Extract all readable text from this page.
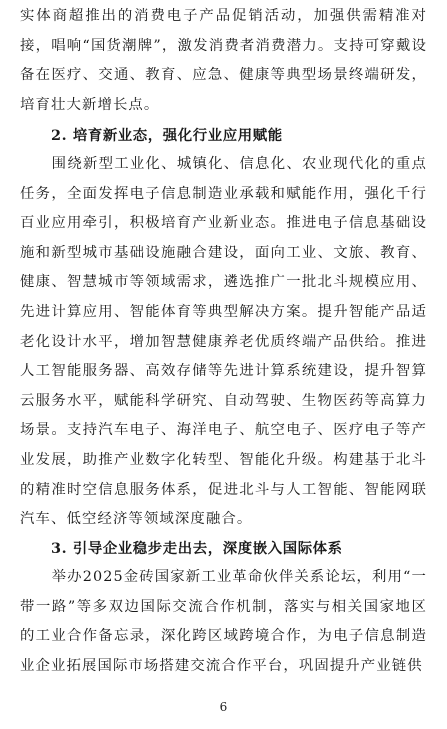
实体商超推出的消费电子产品促销活动，加强供需精准对接，唱响“国货潮牌”，激发消费者消费潜力。支持可穿戴设备在医疗、交通、教育、应急、健康等典型场景终端研发，培育壮大新增长点。

2. 培育新业态，强化行业应用赋能

围绕新型工业化、城镇化、信息化、农业现代化的重点任务，全面发挥电子信息制造业承载和赋能作用，强化千行百业应用牵引，积极培育产业新业态。推进电子信息基础设施和新型城市基础设施融合建设，面向工业、文旅、教育、健康、智慧城市等领域需求，遴选推广一批北斗规模应用、先进计算应用、智能体育等典型解决方案。提升智能产品适老化设计水平，增加智慧健康养老优质终端产品供给。推进人工智能服务器、高效存储等先进计算系统建设，提升智算云服务水平，赋能科学研究、自动驾驶、生物医药等高算力场景。支持汽车电子、海洋电子、航空电子、医疗电子等产业发展，助推产业数字化转型、智能化升级。构建基于北斗的精准时空信息服务体系，促进北斗与人工智能、智能网联汽车、低空经济等领域深度融合。

3. 引导企业稳步走出去，深度嵌入国际体系

举办2025金砖国家新工业革命伙伴关系论坛，利用“一带一路”等多双边国际交流合作机制，落实与相关国家地区的工业合作备忘录，深化跨区域跨境合作，为电子信息制造业企业拓展国际市场搭建交流合作平台，巩固提升产业链供

6
